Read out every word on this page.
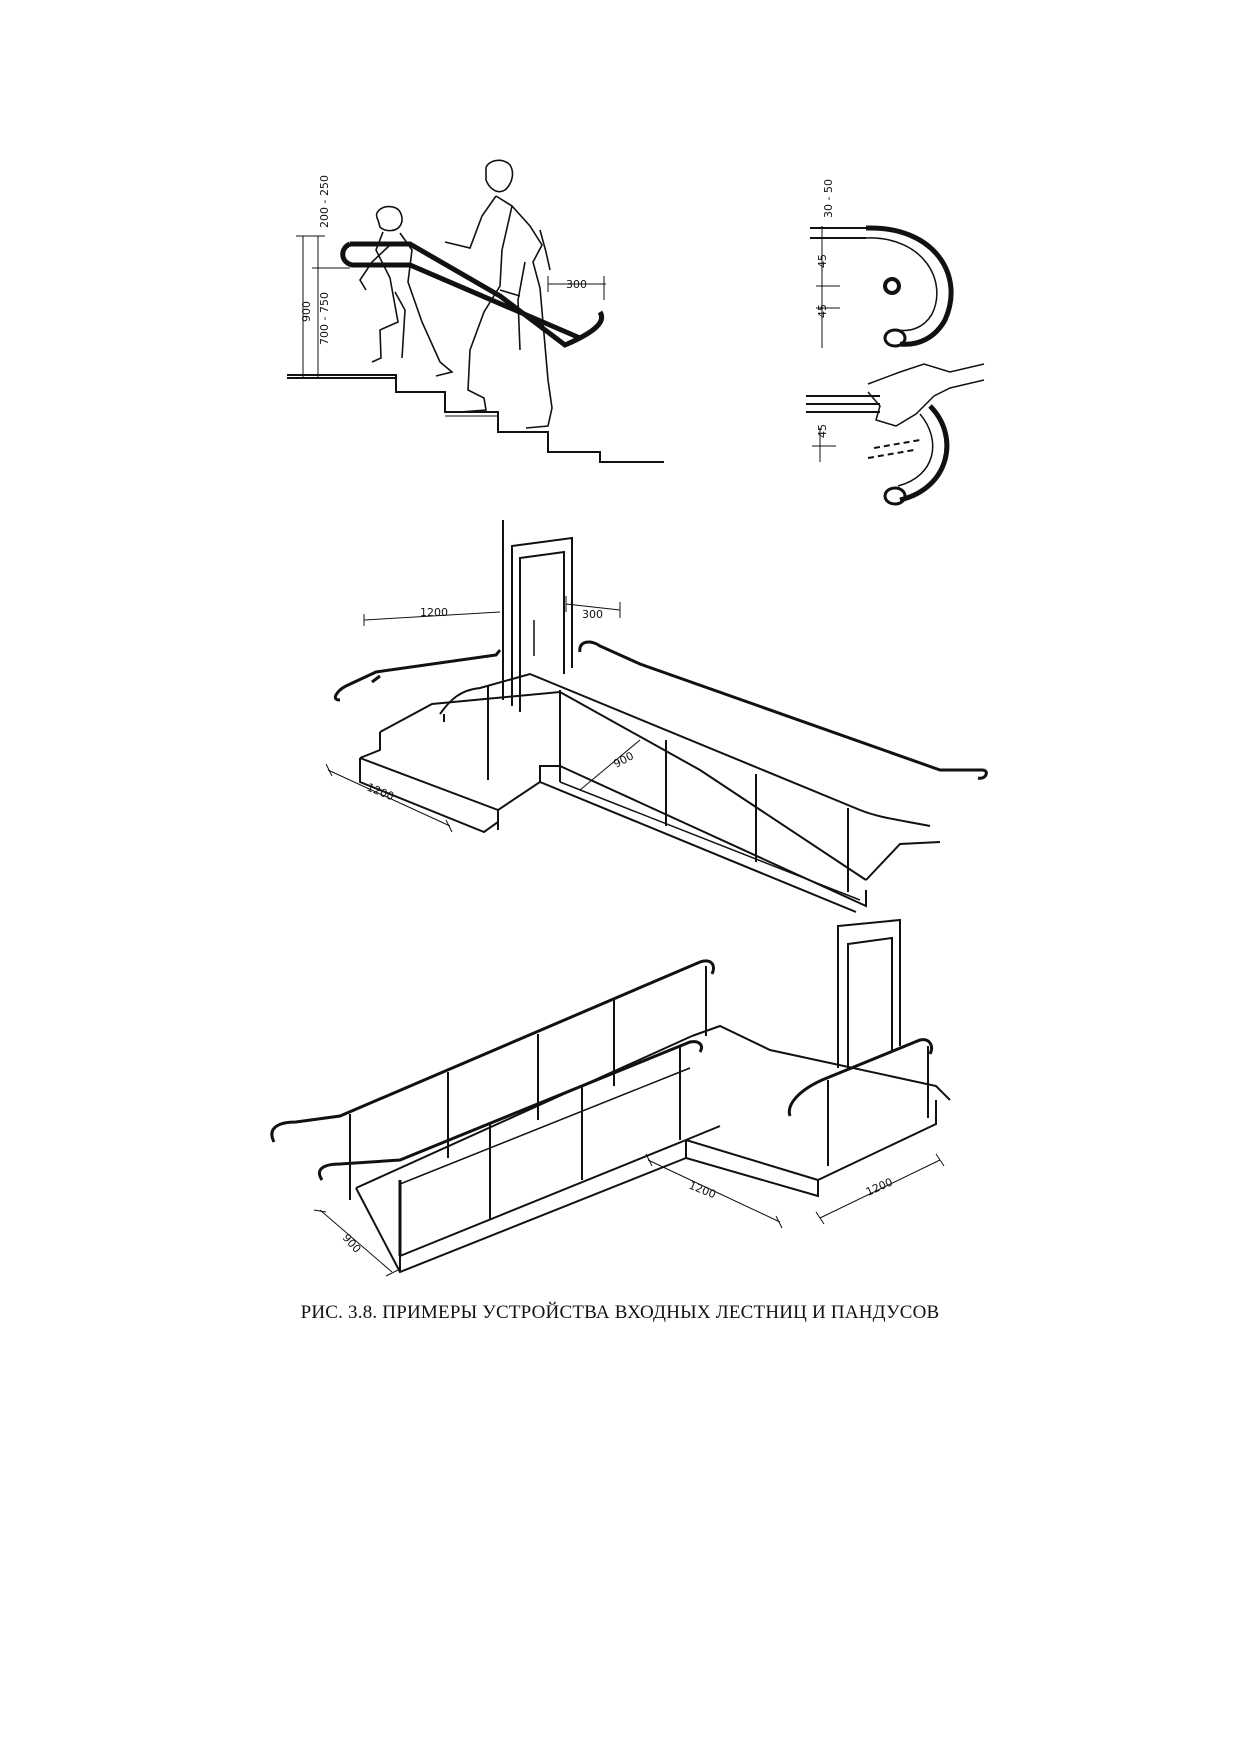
900 700 - 750
200 - 250
300
30 - 50
45
45
45
1200	300
900
1200
900
1200	1200
РИС. 3.8. ПРИМЕРЫ УСТРОЙСТВА ВХОДНЫХ ЛЕСТНИЦ И ПАНДУСОВ
